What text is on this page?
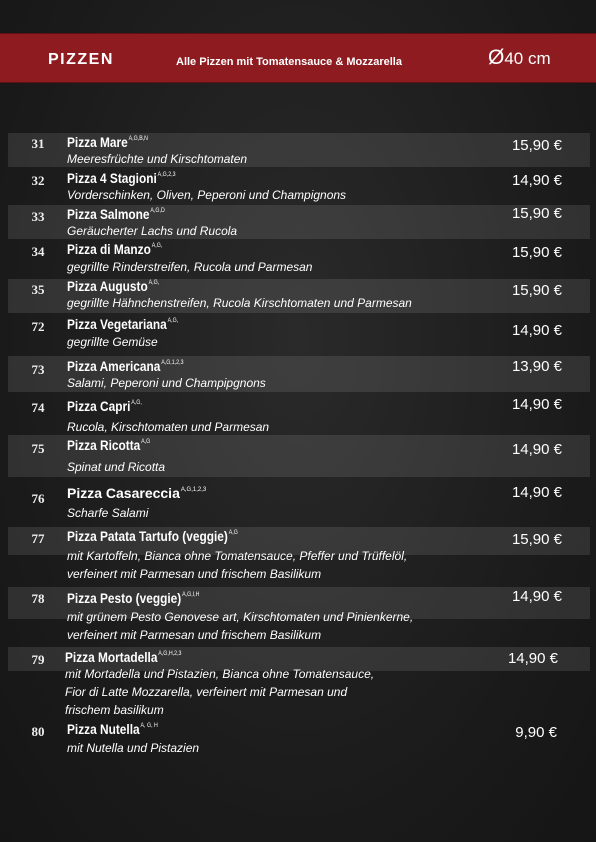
PIZZEN	Alle Pizzen mit Tomatensauce & Mozzarella	Ø40 cm
31	Pizza Mare$^{A,G,B,N}$
Meeresfrüchte und Kirschtomaten
15,90 €
32	Pizza 4 Stagioni$^{A,G,2,3}$
Vorderschinken, Oliven, Peperoni und Champignons
14,90 €
33	Pizza Salmone$^{A,G,D}$
Geräucherter Lachs und Rucola
15,90 €
34	Pizza di Manzo$^{A,G,}$
gegrillte Rinderstreifen, Rucola und Parmesan
15,90 €
35	Pizza Augusto$^{A,G,}$
gegrillte Hähnchenstreifen, Rucola Kirschtomaten und Parmesan
15,90 €
72	Pizza Vegetariana$^{A,G,}$
gegrillte Gemüse
14,90 €
73	Pizza Americana$^{A,G,1,2,3}$
Salami, Peperoni und Champipgnons
13,90 €
74	Pizza Capri$^{A,G,}$
Rucola, Kirschtomaten und Parmesan
14,90 €
75	Pizza Ricotta$^{A,G}$
Spinat und Ricotta
14,90 €
76	Pizza Casareccia$^{A,G,1,2,3}$
Scharfe Salami
14,90 €
77	Pizza Patata Tartufo (veggie)$^{A,G}$
mit Kartoffeln, Bianca ohne Tomatensauce, Pfeffer und Trüffelöl,
verfeinert mit Parmesan und frischem Basilikum
15,90 €
78	Pizza Pesto (veggie)$^{A,G,I,H}$
mit grünem Pesto Genovese art, Kirschtomaten und Pinienkerne,
verfeinert mit Parmesan und frischem Basilikum
14,90 €
79	Pizza Mortadella$^{A,G,H,2,3}$
mit Mortadella und Pistazien, Bianca ohne Tomatensauce,
Fior di Latte Mozzarella, verfeinert mit Parmesan und
frischem basilikum
14,90 €
80	Pizza Nutella$^{A, G, H}$
mit Nutella und Pistazien
9,90 €
